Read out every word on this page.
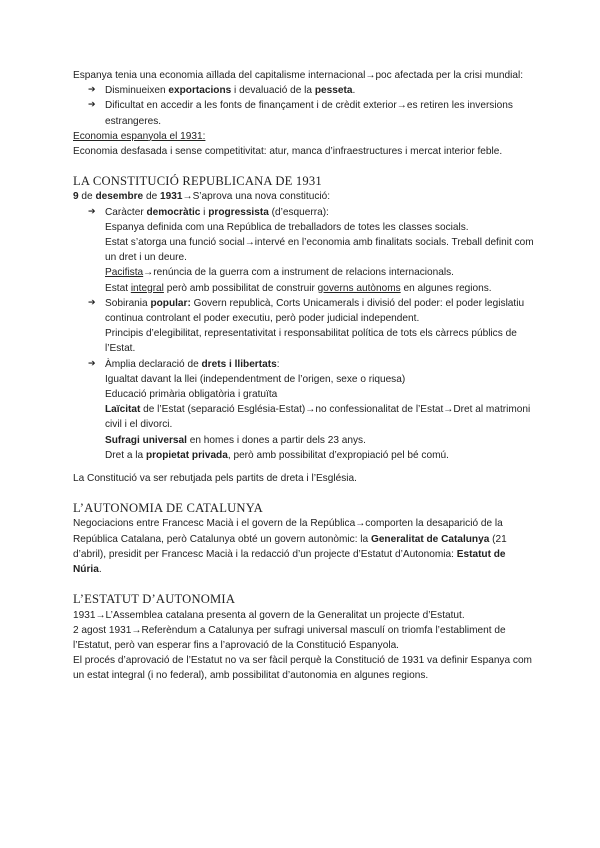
Espanya tenia una economia aïllada del capitalisme internacional→poc afectada per la crisi mundial:

➔ Disminueixen exportacions i devaluació de la pesseta.
➔ Dificultat en accedir a les fonts de finançament i de crèdit exterior→es retiren les inversions estrangeres.

Economia espanyola el 1931:

Economia desfasada i sense competitivitat: atur, manca d’infraestructures i mercat interior feble.

LA CONSTITUCIÓ REPUBLICANA DE 1931

9 de desembre de 1931→S’aprova una nova constitució:

➔ Caràcter democràtic i progressista (d’esquerra):

Espanya definida com una República de treballadors de totes les classes socials.

Estat s’atorga una funció social→intervé en l’economia amb finalitats socials. Treball definit com un dret i un deure.

Pacifista→renúncia de la guerra com a instrument de relacions internacionals.

Estat integral però amb possibilitat de construir governs autònoms en algunes regions.

➔ Sobirania popular: Govern republicà, Corts Unicamerals i divisió del poder: el poder legislatiu continua controlant el poder executiu, però poder judicial independent.

Principis d’elegibilitat, representativitat i responsabilitat política de tots els càrrecs públics de l’Estat.

➔ Àmplia declaració de drets i llibertats:

Igualtat davant la llei (independentment de l’origen, sexe o riquesa)

Educació primària obligatòria i gratuïta

Laïcitat de l’Estat (separació Església-Estat)→no confessionalitat de l’Estat→Dret al matrimoni civil i el divorci.

Sufragi universal en homes i dones a partir dels 23 anys.

Dret a la propietat privada, però amb possibilitat d’expropiació pel bé comú.

La Constitució va ser rebutjada pels partits de dreta i l’Església.

L’AUTONOMIA DE CATALUNYA

Negociacions entre Francesc Macià i el govern de la República→comporten la desaparició de la República Catalana, però Catalunya obté un govern autonòmic: la Generalitat de Catalunya (21 d’abril), presidit per Francesc Macià i la redacció d’un projecte d’Estatut d’Autonomia: Estatut de Núria.

L’ESTATUT D’AUTONOMIA

1931→L’Assemblea catalana presenta al govern de la Generalitat un projecte d’Estatut.

2 agost 1931→Referèndum a Catalunya per sufragi universal masculí on triomfa l’establiment de l’Estatut, però van esperar fins a l’aprovació de la Constitució Espanyola.

El procés d’aprovació de l’Estatut no va ser fàcil perquè la Constitució de 1931 va definir Espanya com un estat integral (i no federal), amb possibilitat d’autonomia en algunes regions.
